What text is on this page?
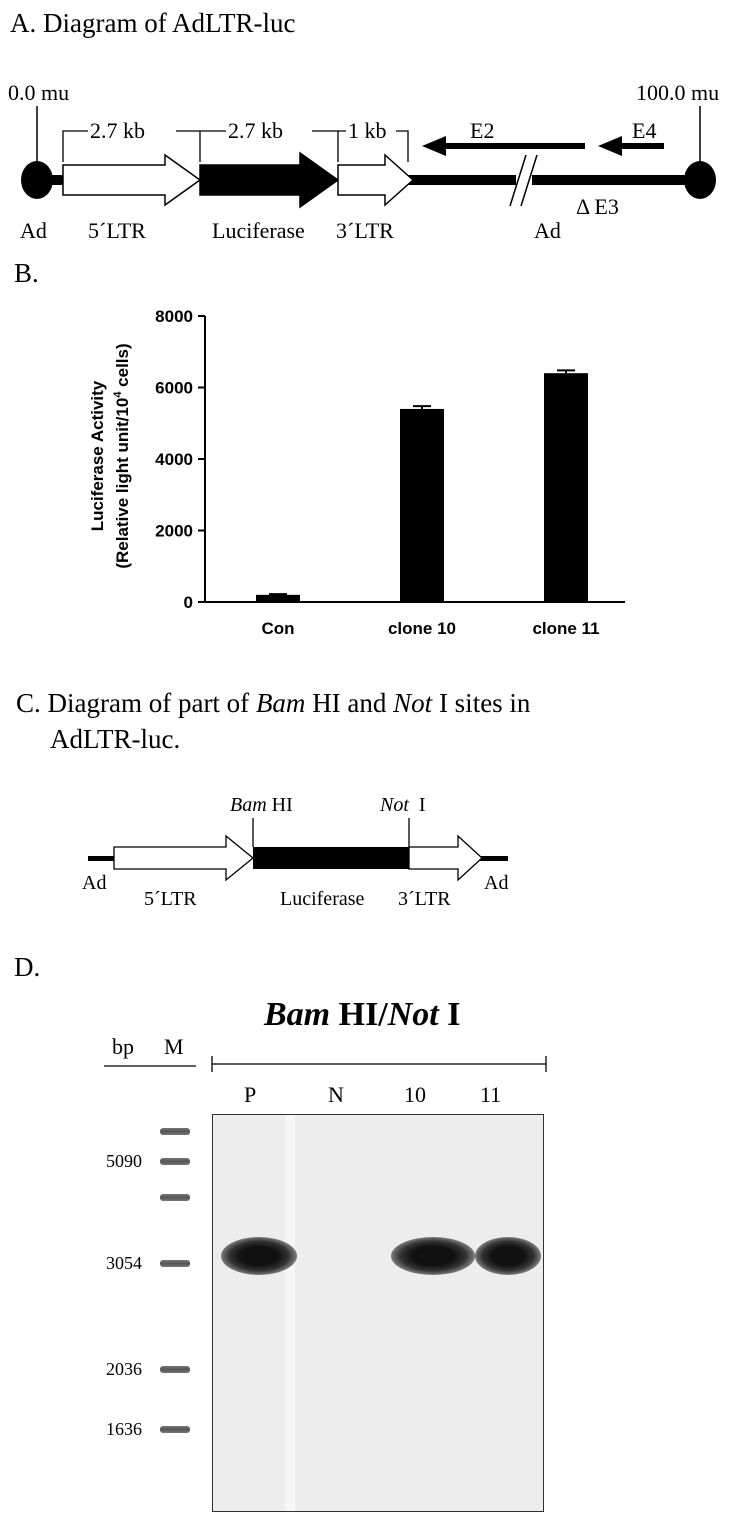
A. Diagram of AdLTR-luc
0.0 mu	100.0 mu
2.7 kb	2.7 kb	1 kb	E2	E4
Ad 5´LTR	Luciferase 3´LTR	Ad
Δ E3
B.
0
2000
4000
6000
8000
Con	clone 10	clone 11
Luciferase Activity (Relative light unit/$10^4$ cells)
C. Diagram of part of Bam HI and Not I sites in
AdLTR-luc.
Bam HI	Not  I
Ad
5´LTR	Luciferase 3´LTR
Ad
D.
Bam HI/Not I
bp M
P	N	10 11
5090
3054
2036
1636
